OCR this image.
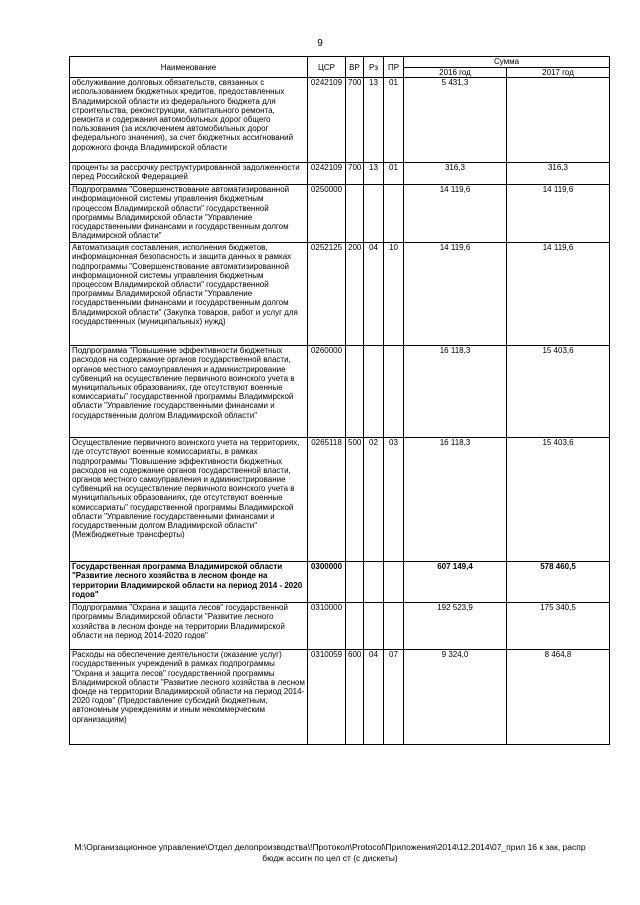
9
Наименование	ЦСР	ВР	Рз	ПР	Сумма	
					2016 год	2017 год
обслуживание долговых обязательств, связанных с использованием бюджетных кредитов, предоставленных Владимирской области из федерального бюджета для строительства, реконструкции, капитального ремонта, ремонта и содержания автомобильных дорог общего пользования (за исключением автомобильных дорог федерального значения), за счет бюджетных ассигнований дорожного фонда Владимирской области	0242109	700	13	01	5 431,3	
проценты за рассрочку реструктурированной задолженности перед Российской Федерацией	0242109	700	13	01	316,3	316,3
Подпрограмма "Совершенствование автоматизированной информационной системы управления бюджетным процессом Владимирской области" государственной программы Владимирской области "Управление государственными финансами и государственным долгом Владимирской области"	0250000				14 119,6	14 119,6
Автоматизация составления, исполнения бюджетов, информационная безопасность и защита данных в рамках подпрограммы "Совершенствование автоматизированной информационной системы управления бюджетным процессом Владимирской области" государственной программы Владимирской области "Управление государственными финансами и государственным долгом Владимирской области" (Закупка товаров, работ и услуг для государственных (муниципальных) нужд)	0252125	200	04	10	14 119,6	14 119,6
Подпрограмма "Повышение эффективности бюджетных расходов на содержание органов государственной власти, органов местного самоуправления и администрирование субвенций на осуществление первичного воинского учета в муниципальных образованиях, где отсутствуют военные комиссариаты" государственной программы Владимирской области "Управление государственными финансами и государственным долгом Владимирской области"	0260000				16 118,3	15 403,6
Осуществление первичного воинского учета на территориях, где отсутствуют военные комиссариаты, в рамках подпрограммы "Повышение эффективности бюджетных расходов на содержание органов государственной власти, органов местного самоуправления и администрирование субвенций на осуществление первичного воинского учета в муниципальных образованиях, где отсутствуют военные комиссариаты" государственной программы Владимирской области "Управление государственными финансами и государственным долгом Владимирской области" (Межбюджетные трансферты)	0265118	500	02	03	16 118,3	15 403,6
Государственная программа Владимирской области "Развитие лесного хозяйства в лесном фонде на территории Владимирской области на период 2014 - 2020 годов"	0300000				607 149,4	578 460,5
Подпрограмма "Охрана и защита лесов" государственной программы Владимирской области "Развитие лесного хозяйства в лесном фонде на территории Владимирской области на период 2014-2020 годов"	0310000				192 523,9	175 340,5
Расходы на обеспечение деятельности (оказание услуг) государственных учреждений в рамках подпрограммы "Охрана и защита лесов" государственной программы Владимирской области "Развитие лесного хозяйства в лесном фонде на территории Владимирской области на период 2014-2020 годов" (Предоставление субсидий бюджетным, автономным учреждениям и иным некоммерческим организациям)	0310059	600	04	07	9 324,0	8 464,8
M:\Организационное управление\Отдел делопроизводства\!Протокол\Protocol\Приложения\2014\12.2014\07_прил 16 к зак, распр
бюдж ассигн по цел ст (с дискеты)
